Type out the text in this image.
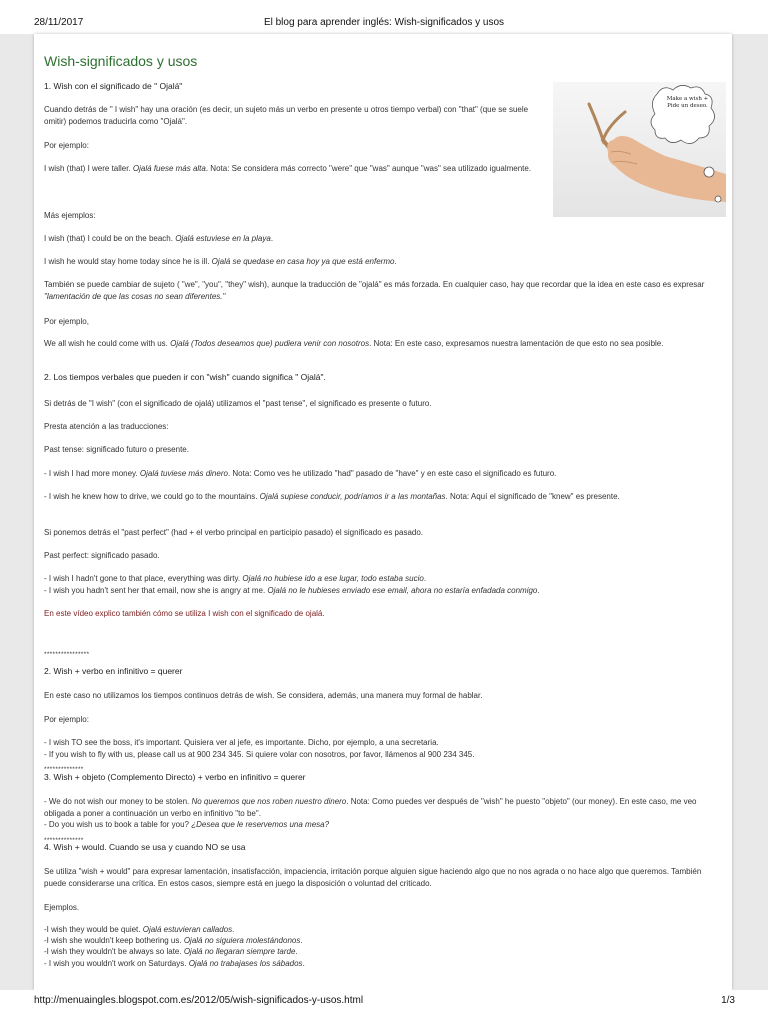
28/11/2017	El blog para aprender inglés: Wish-significados y usos
Wish-significados y usos
Make a wish + Pide un deseo.

1. Wish con el significado de " Ojalá"

Cuando detrás de " I wish" hay una oración (es decir, un sujeto más un verbo en presente u otros tiempo verbal) con "that" (que se suele omitir) podemos traducirla como "Ojalá".

Por ejemplo:

I wish (that) I were taller. Ojalá fuese más alta. Nota: Se considera más correcto "were" que "was" aunque "was" sea utilizado igualmente.

Más ejemplos:

I wish (that) I could be on the beach. Ojalá estuviese en la playa.

I wish he would stay home today since he is ill. Ojalá se quedase en casa hoy ya que está enfermo.

También se puede cambiar de sujeto ( "we", "you", "they" wish), aunque la traducción de "ojalá" es más forzada. En cualquier caso, hay que recordar que la idea en este caso es expresar "lamentación de que las cosas no sean diferentes."

Por ejemplo,

We all wish he could come with us. Ojalá (Todos deseamos que) pudiera venir con nosotros. Nota: En este caso, expresamos nuestra lamentación de que esto no sea posible.

2. Los tiempos verbales que pueden ir con "wish" cuando significa " Ojalá".

Si detrás de "I wish" (con el significado de ojalá) utilizamos el "past tense", el significado es presente o futuro.

Presta atención a las traducciones:

Past tense: significado futuro o presente.

- I wish I had more money. Ojalá tuviese más dinero. Nota: Como ves he utilizado "had" pasado de "have" y en este caso el significado es futuro.

- I wish he knew how to drive, we could go to the mountains. Ojalá supiese conducir, podríamos ir a las montañas. Nota: Aquí el significado de "knew" es presente.

Si ponemos detrás el "past perfect" (had + el verbo principal en participio pasado) el significado es pasado.

Past perfect: significado pasado.

- I wish I hadn't gone to that place, everything was dirty. Ojalá no hubiese ido a ese lugar, todo estaba sucio.

- I wish you hadn't sent her that email, now she is angry at me. Ojalá no le hubieses enviado ese email, ahora no estaría enfadada conmigo.

En este vídeo explico también cómo se utiliza I wish con el significado de ojalá.

****************

2. Wish + verbo en infinitivo = querer

En este caso no utilizamos los tiempos continuos detrás de wish. Se considera, además, una manera muy formal de hablar.

Por ejemplo:

- I wish TO see the boss, it's important. Quisiera ver al jefe, es importante. Dicho, por ejemplo, a una secretaria.

- If you wish to fly with us, please call us at 900 234 345. Si quiere volar con nosotros, por favor, llámenos al 900 234 345.

**************

3. Wish + objeto (Complemento Directo) + verbo en infinitivo = querer

- We do not wish our money to be stolen. No queremos que nos roben nuestro dinero. Nota: Como puedes ver después de "wish" he puesto "objeto" (our money). En este caso, me veo obligada a poner a continuación un verbo en infinitivo "to be".

- Do you wish us to book a table for you? ¿Desea que le reservemos una mesa?

**************

4. Wish + would. Cuando se usa y cuando NO se usa

Se utiliza "wish + would" para expresar lamentación, insatisfacción, impaciencia, irritación porque alguien sigue haciendo algo que no nos agrada o no hace algo que queremos. También puede considerarse una crítica. En estos casos, siempre está en juego la disposición o voluntad del criticado.

Ejemplos.

-I wish they would be quiet. Ojalá estuvieran callados.

-I wish she wouldn't keep bothering us. Ojalá no siguiera molestándonos.

-I wish they wouldn't be always so late. Ojalá no llegaran siempre tarde.

- I wish you wouldn't work on Saturdays. Ojalá no trabajases los sábados.

http://menuaingles.blogspot.com.es/2012/05/wish-significados-y-usos.html	1/3
